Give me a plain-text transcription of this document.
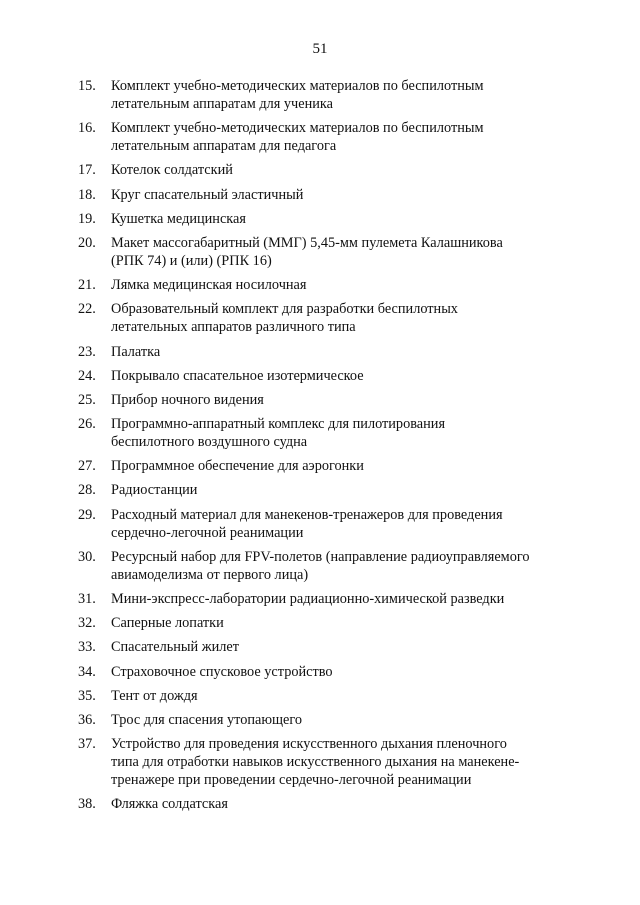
51
15.	Комплект учебно-методических материалов по беспилотным
летательным аппаратам для ученика
16.	Комплект учебно-методических материалов по беспилотным
летательным аппаратам для педагога
17.	Котелок солдатский
18.	Круг спасательный эластичный
19.	Кушетка медицинская
20.	Макет массогабаритный (ММГ) 5,45-мм пулемета Калашникова
(РПК 74) и (или) (РПК 16)
21.	Лямка медицинская носилочная
22.	Образовательный комплект для разработки беспилотных
летательных аппаратов различного типа
23.	Палатка
24.	Покрывало спасательное изотермическое
25.	Прибор ночного видения
26.	Программно-аппаратный комплекс для пилотирования
беспилотного воздушного судна
27.	Программное обеспечение для аэрогонки
28.	Радиостанции
29.	Расходный материал для манекенов-тренажеров для проведения
сердечно-легочной реанимации
30.	Ресурсный набор для FPV-полетов (направление радиоуправляемого
авиамоделизма от первого лица)
31.	Мини-экспресс-лаборатории радиационно-химической разведки
32.	Саперные лопатки
33.	Спасательный жилет
34.	Страховочное спусковое устройство
35.	Тент от дождя
36.	Трос для спасения утопающего
37.	Устройство для проведения искусственного дыхания пленочного
типа для отработки навыков искусственного дыхания на манекене-
тренажере при проведении сердечно-легочной реанимации
38.	Фляжка солдатская
